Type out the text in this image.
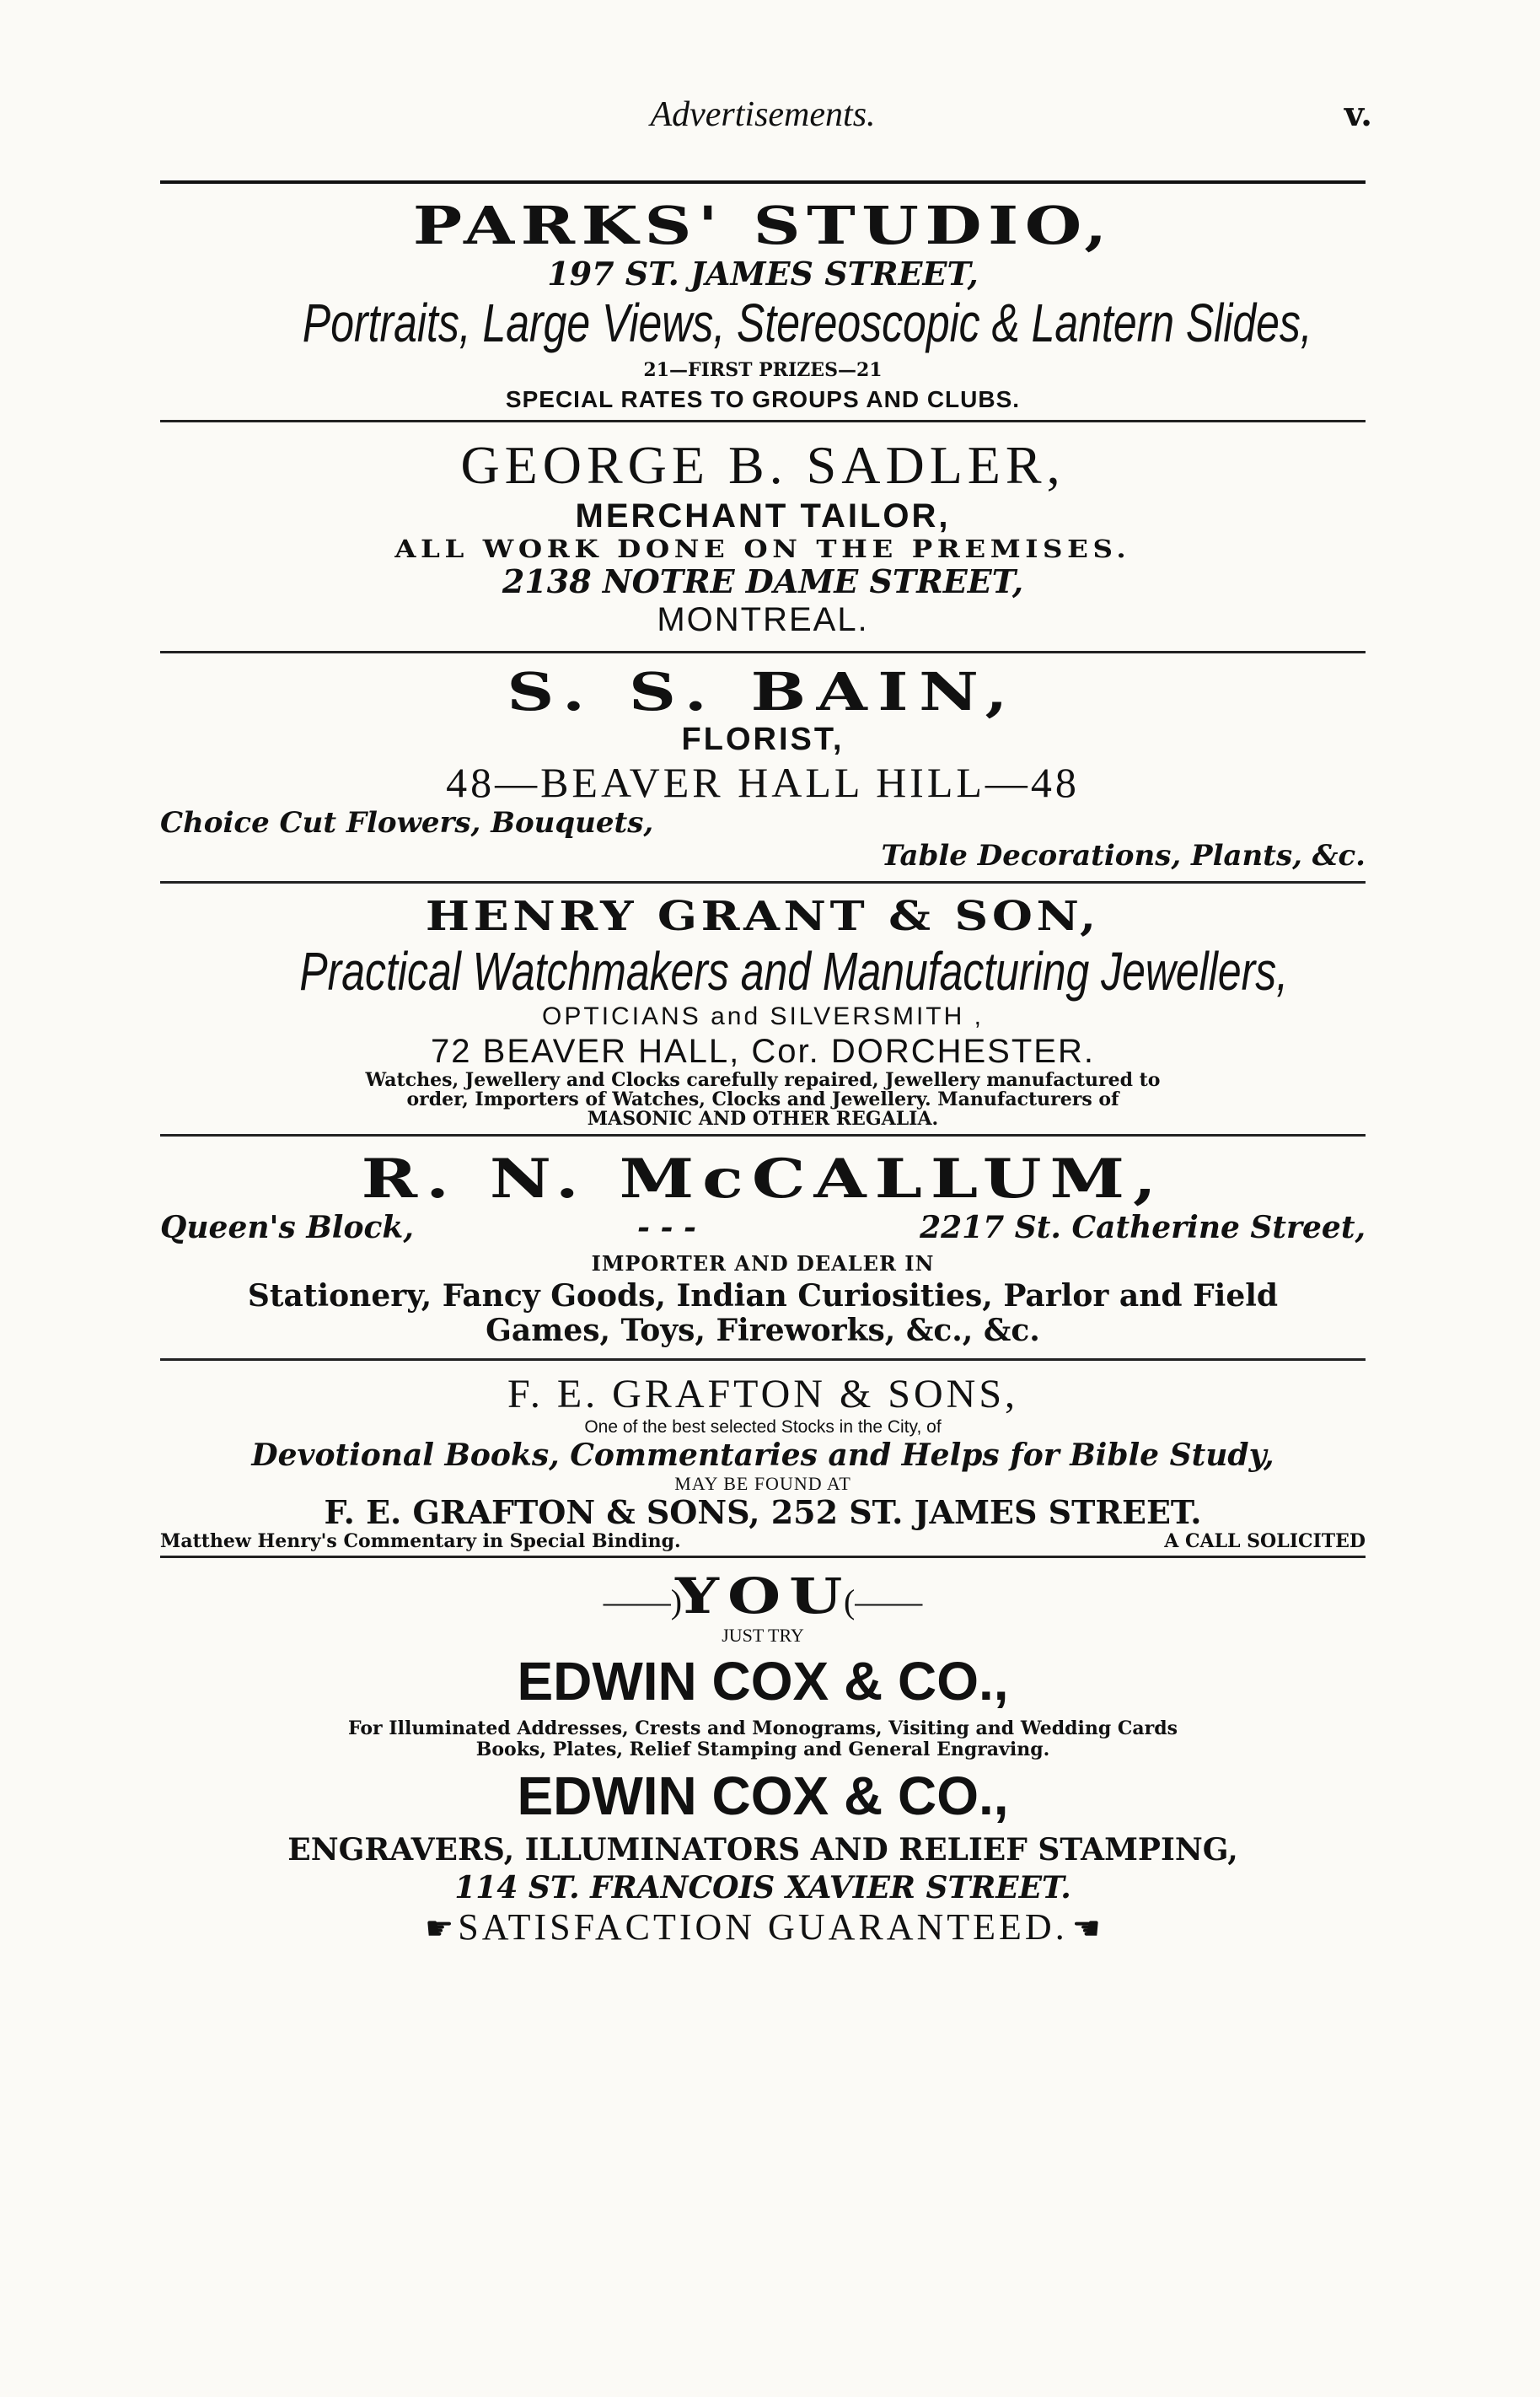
Advertisements.	v.
PARKS' STUDIO,
197 ST. JAMES STREET,
Portraits, Large Views, Stereoscopic & Lantern Slides,
21—FIRST PRIZES—21
SPECIAL RATES TO GROUPS AND CLUBS.
GEORGE B. SADLER,
MERCHANT TAILOR,
ALL WORK DONE ON THE PREMISES.
2138 NOTRE DAME STREET,
MONTREAL.
S. S. BAIN,
FLORIST,
48—BEAVER HALL HILL—48
Choice Cut Flowers, Bouquets,
Table Decorations, Plants, &c.
HENRY GRANT & SON,
Practical Watchmakers and Manufacturing Jewellers,
OPTICIANS and SILVERSMITH ,
72 BEAVER HALL, Cor. DORCHESTER.
Watches, Jewellery and Clocks carefully repaired, Jewellery manufactured to
order, Importers of Watches, Clocks and Jewellery. Manufacturers of
MASONIC AND OTHER REGALIA.
R. N. McCALLUM,
Queen's Block,	- - -	2217 St. Catherine Street,
IMPORTER AND DEALER IN
Stationery, Fancy Goods, Indian Curiosities, Parlor and Field
Games, Toys, Fireworks, &c., &c.
F. E. GRAFTON & SONS,
One of the best selected Stocks in the City, of
Devotional Books, Commentaries and Helps for Bible Study,
MAY BE FOUND AT
F. E. GRAFTON & SONS, 252 ST. JAMES STREET.
Matthew Henry's Commentary in Special Binding.	A CALL SOLICITED
——) YOU (——
JUST TRY
EDWIN COX & CO.,
For Illuminated Addresses, Crests and Monograms, Visiting and Wedding Cards
Books, Plates, Relief Stamping and General Engraving.
EDWIN COX & CO.,
ENGRAVERS, ILLUMINATORS AND RELIEF STAMPING,
114 ST. FRANCOIS XAVIER STREET.
☛ SATISFACTION GUARANTEED. ☚
